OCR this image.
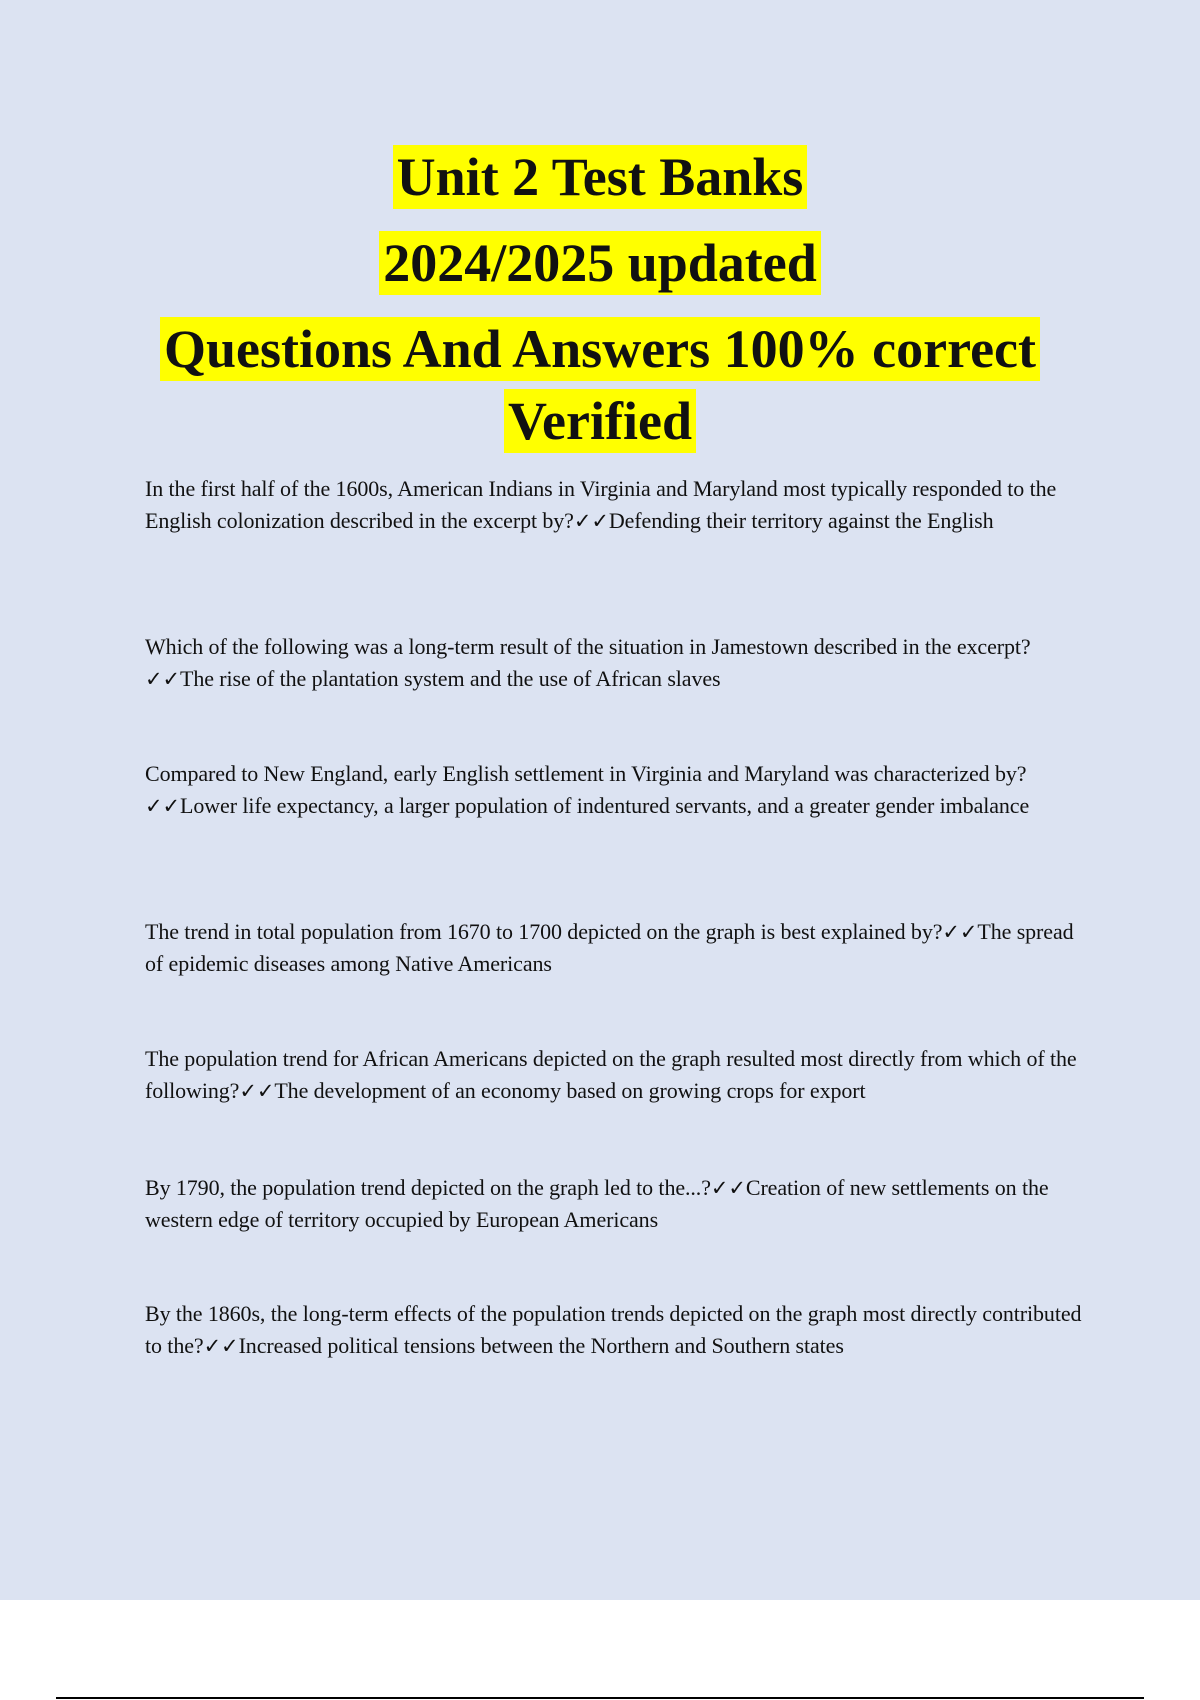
Unit 2 Test Banks
2024/2025 updated
Questions And Answers 100% correct
Verified
In the first half of the 1600s, American Indians in Virginia and Maryland most typically responded to the English colonization described in the excerpt by?✓✓Defending their territory against the English
Which of the following was a long-term result of the situation in Jamestown described in the excerpt?✓✓The rise of the plantation system and the use of African slaves
Compared to New England, early English settlement in Virginia and Maryland was characterized by?✓✓Lower life expectancy, a larger population of indentured servants, and a greater gender imbalance
The trend in total population from 1670 to 1700 depicted on the graph is best explained by?✓✓The spread of epidemic diseases among Native Americans
The population trend for African Americans depicted on the graph resulted most directly from which of the following?✓✓The development of an economy based on growing crops for export
By 1790, the population trend depicted on the graph led to the...?✓✓Creation of new settlements on the western edge of territory occupied by European Americans
By the 1860s, the long-term effects of the population trends depicted on the graph most directly contributed to the?✓✓Increased political tensions between the Northern and Southern states
